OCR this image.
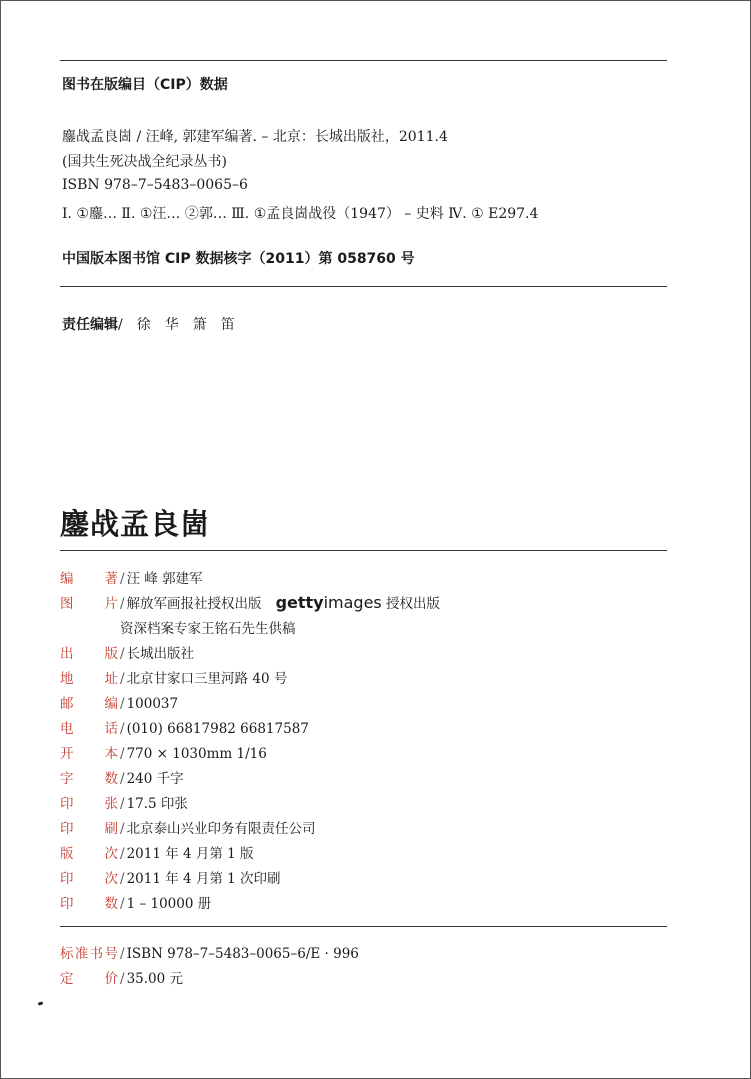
图书在版编目（CIP）数据
鏖战孟良崮 / 汪峰, 郭建军编著. – 北京：长城出版社，2011.4
(国共生死决战全纪录丛书)
ISBN 978–7–5483–0065–6
Ⅰ. ①鏖… Ⅱ. ①汪… ②郭… Ⅲ. ①孟良崮战役（1947） – 史料 Ⅳ. ① E297.4
中国版本图书馆 CIP 数据核字（2011）第 058760 号
责任编辑/徐华箫笛
鏖战孟良崮
编著 / 汪 峰 郭建军
图片 / 解放军画报社授权出版 gettyimages 授权出版
资深档案专家王铭石先生供稿
出版 / 长城出版社
地址 / 北京甘家口三里河路 40 号
邮编 / 100037
电话 / (010) 66817982 66817587
开本 / 770 × 1030mm 1/16
字数 / 240 千字
印张 / 17.5 印张
印刷 / 北京泰山兴业印务有限责任公司
版次 / 2011 年 4 月第 1 版
印次 / 2011 年 4 月第 1 次印刷
印数 / 1 – 10000 册
标准书号 / ISBN 978–7–5483–0065–6/E · 996
定价 / 35.00 元
